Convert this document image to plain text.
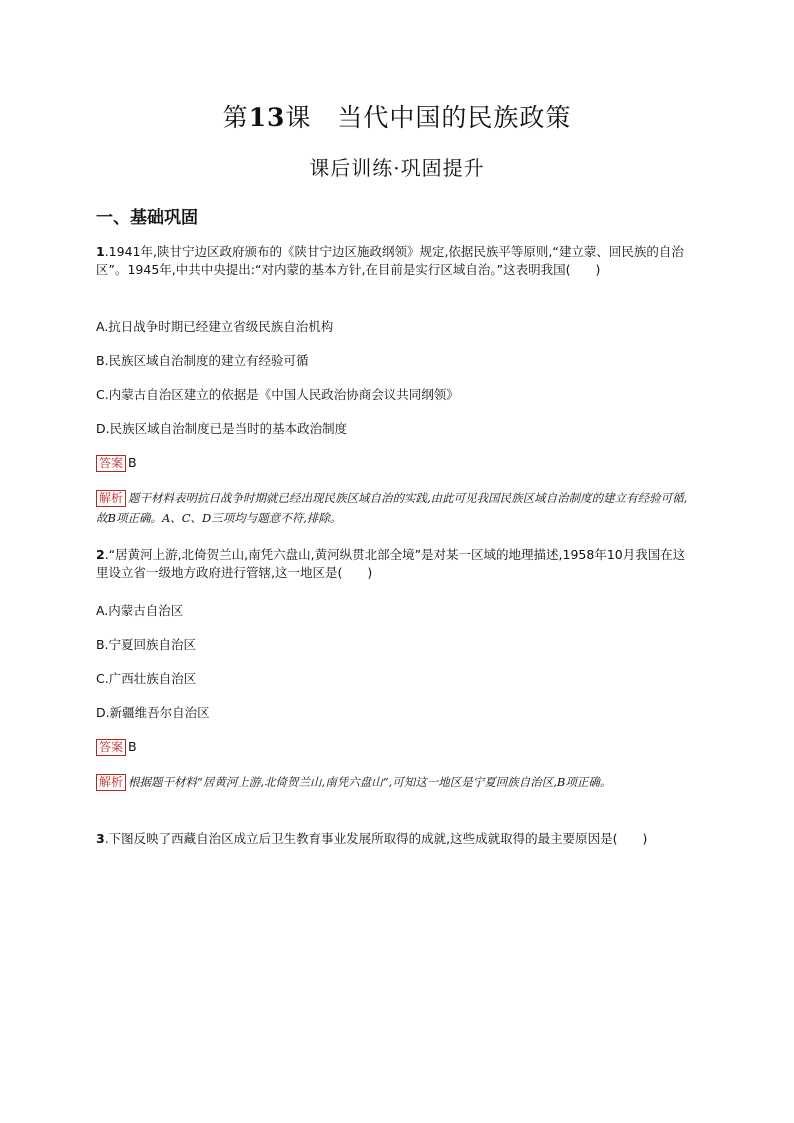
第13课　当代中国的民族政策
课后训练·巩固提升
一、基础巩固
1.1941年,陕甘宁边区政府颁布的《陕甘宁边区施政纲领》规定,依据民族平等原则,“建立蒙、回民族的自治区”。1945年,中共中央提出:“对内蒙的基本方针,在目前是实行区域自治。”这表明我国(　　)
A.抗日战争时期已经建立省级民族自治机构
B.民族区域自治制度的建立有经验可循
C.内蒙古自治区建立的依据是《中国人民政治协商会议共同纲领》
D.民族区域自治制度已是当时的基本政治制度
答案 B
解析 题干材料表明抗日战争时期就已经出现民族区域自治的实践,由此可见我国民族区域自治制度的建立有经验可循,故B项正确。A、C、D三项均与题意不符,排除。
2.“居黄河上游,北倚贺兰山,南凭六盘山,黄河纵贯北部全境”是对某一区域的地理描述,1958年10月我国在这里设立省一级地方政府进行管辖,这一地区是(　　)
A.内蒙古自治区
B.宁夏回族自治区
C.广西壮族自治区
D.新疆维吾尔自治区
答案 B
解析 根据题干材料“居黄河上游,北倚贺兰山,南凭六盘山”,可知这一地区是宁夏回族自治区,B项正确。
3.下图反映了西藏自治区成立后卫生教育事业发展所取得的成就,这些成就取得的最主要原因是(　　)
